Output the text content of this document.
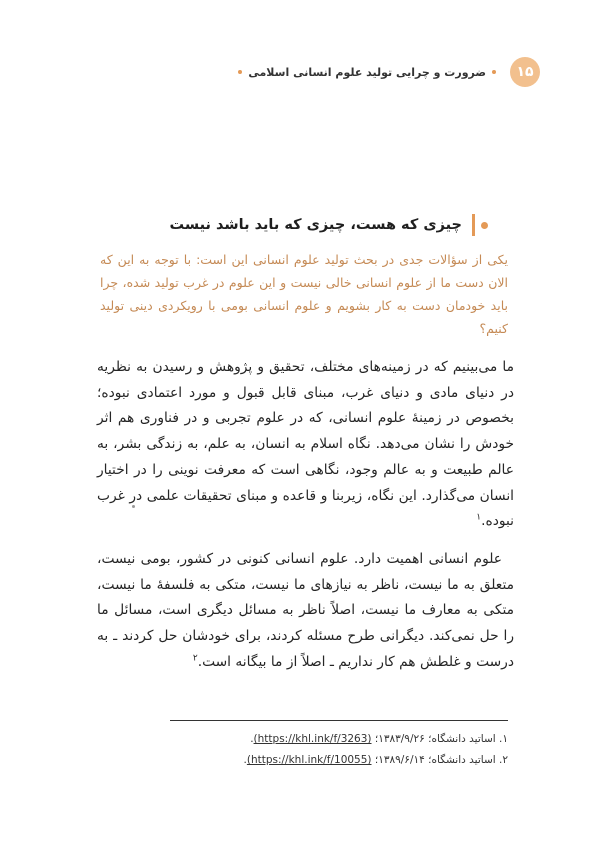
۱۵
ضرورت و چرایی تولید علوم انسانی اسلامی
چیزی که هست، چیزی که باید باشد نیست

یکی از سؤالات جدی در بحث تولید علوم انسانی این است: با توجه به این که الان دست ما از علوم انسانی خالی نیست و این علوم در غرب تولید شده، چرا باید خودمان دست به کار بشویم و علوم انسانی بومی با رویکردی دینی تولید کنیم؟

ما می‌بینیم که در زمینه‌های مختلف، تحقیق و پژوهش و رسیدن به نظریه در دنیای مادی و دنیای غرب، مبنای قابل قبول و مورد اعتمادی نبوده؛ بخصوص در زمینهٔ علوم انسانی، که در علوم تجربی و در فناوری هم اثر خودش را نشان می‌دهد. نگاه اسلام به انسان، به علم، به زندگی بشر، به عالم طبیعت و به عالم وجود، نگاهی است که معرفت نوینی را در اختیار انسان می‌گذارد. این نگاه، زیربنا و قاعده و مبنای تحقیقات علمی در غرب نبوده.$^۱$

علوم انسانی اهمیت دارد. علوم انسانی کنونی در کشور، بومی نیست، متعلق به ما نیست، ناظر به نیازهای ما نیست، متکی به فلسفهٔ ما نیست، متکی به معارف ما نیست، اصلاً ناظر به مسائل دیگری است، مسائل ما را حل نمی‌کند. دیگرانی طرح مسئله کردند، برای خودشان حل کردند ـ به درست و غلطش هم کار نداریم ـ اصلاً از ما بیگانه است.$^۲$

۱. اساتید دانشگاه؛ ۱۳۸۳/۹/۲۶؛ (https://khl.ink/f/3263).

۲. اساتید دانشگاه؛ ۱۳۸۹/۶/۱۴؛ (https://khl.ink/f/10055).
